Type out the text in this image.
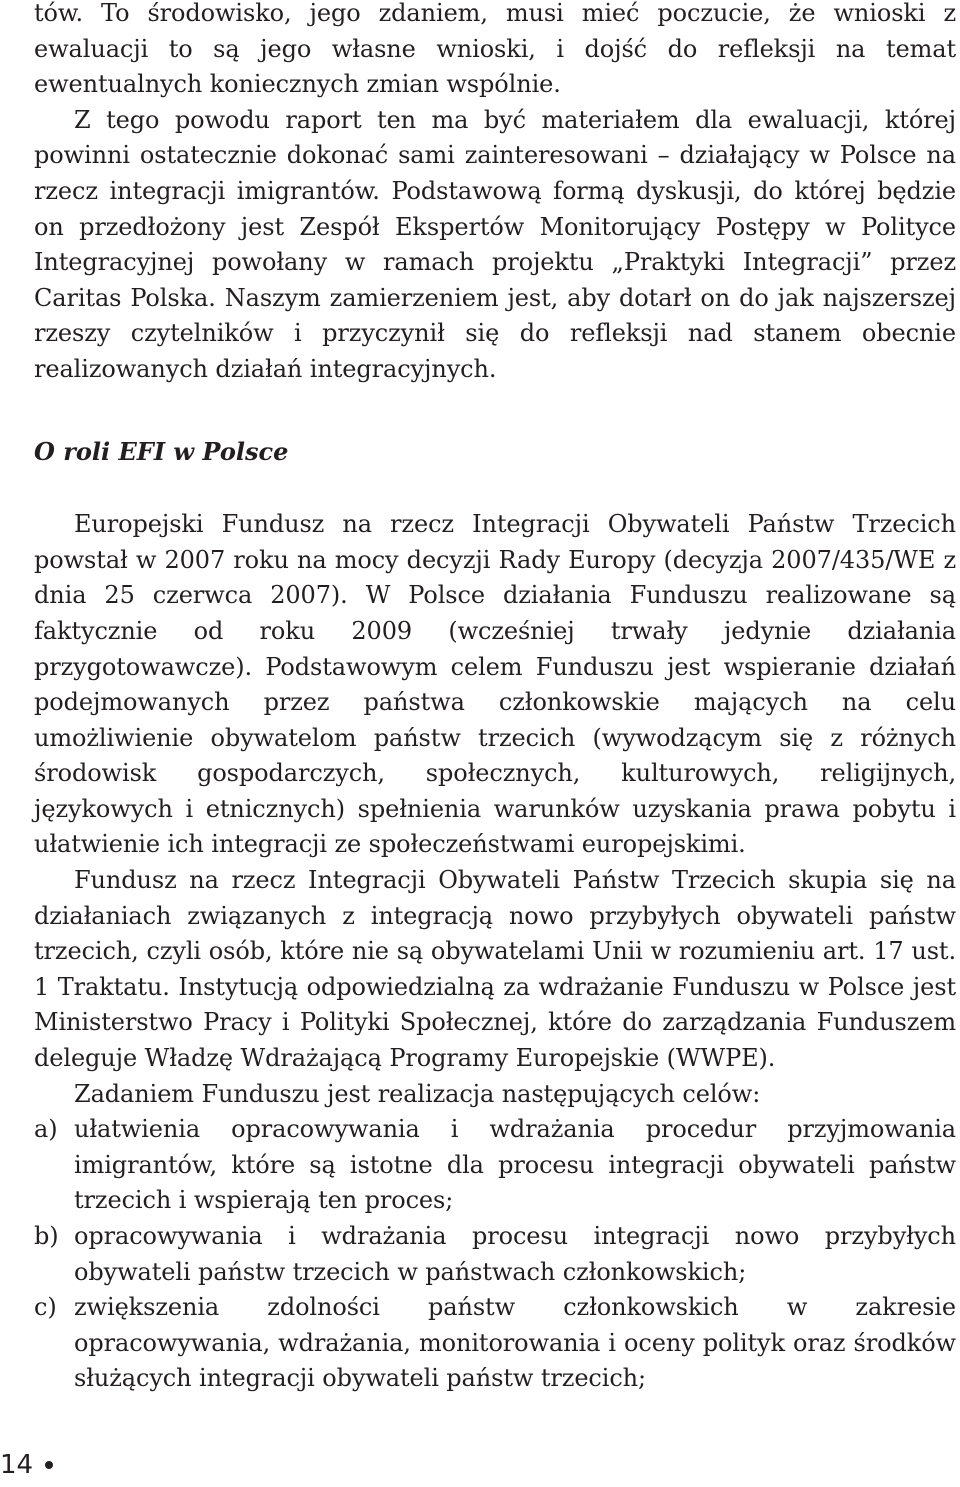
tów. To środowisko, jego zdaniem, musi mieć poczucie, że wnioski z ewaluacji to są jego własne wnioski, i dojść do refleksji na temat ewentualnych koniecznych zmian wspólnie.

Z tego powodu raport ten ma być materiałem dla ewaluacji, której powinni ostatecznie dokonać sami zainteresowani – działający w Polsce na rzecz integracji imigrantów. Podstawową formą dyskusji, do której będzie on przedłożony jest Zespół Ekspertów Monitorujący Postępy w Polityce Integracyjnej powołany w ramach projektu „Praktyki Integracji” przez Caritas Polska. Naszym zamierzeniem jest, aby dotarł on do jak najszerszej rzeszy czytelników i przyczynił się do refleksji nad stanem obecnie realizowanych działań integracyjnych.

O roli EFI w Polsce

Europejski Fundusz na rzecz Integracji Obywateli Państw Trzecich powstał w 2007 roku na mocy decyzji Rady Europy (decyzja 2007/435/WE z dnia 25 czerwca 2007). W Polsce działania Funduszu realizowane są faktycznie od roku 2009 (wcześniej trwały jedynie działania przygotowawcze). Podstawowym celem Funduszu jest wspieranie działań podejmowanych przez państwa członkowskie mających na celu umożliwienie obywatelom państw trzecich (wywodzącym się z różnych środowisk gospodarczych, społecznych, kulturowych, religijnych, językowych i etnicznych) spełnienia warunków uzyskania prawa pobytu i ułatwienie ich integracji ze społeczeństwami europejskimi.

Fundusz na rzecz Integracji Obywateli Państw Trzecich skupia się na działaniach związanych z integracją nowo przybyłych obywateli państw trzecich, czyli osób, które nie są obywatelami Unii w rozumieniu art. 17 ust. 1 Traktatu. Instytucją odpowiedzialną za wdrażanie Funduszu w Polsce jest Ministerstwo Pracy i Polityki Społecznej, które do zarządzania Funduszem deleguje Władzę Wdrażającą Programy Europejskie (WWPE).

Zadaniem Funduszu jest realizacja następujących celów:

a) ułatwienia opracowywania i wdrażania procedur przyjmowania imigrantów, które są istotne dla procesu integracji obywateli państw trzecich i wspierają ten proces;
b) opracowywania i wdrażania procesu integracji nowo przybyłych obywateli państw trzecich w państwach członkowskich;
c) zwiększenia zdolności państw członkowskich w zakresie opracowywania, wdrażania, monitorowania i oceny polityk oraz środków służących integracji obywateli państw trzecich;
14
